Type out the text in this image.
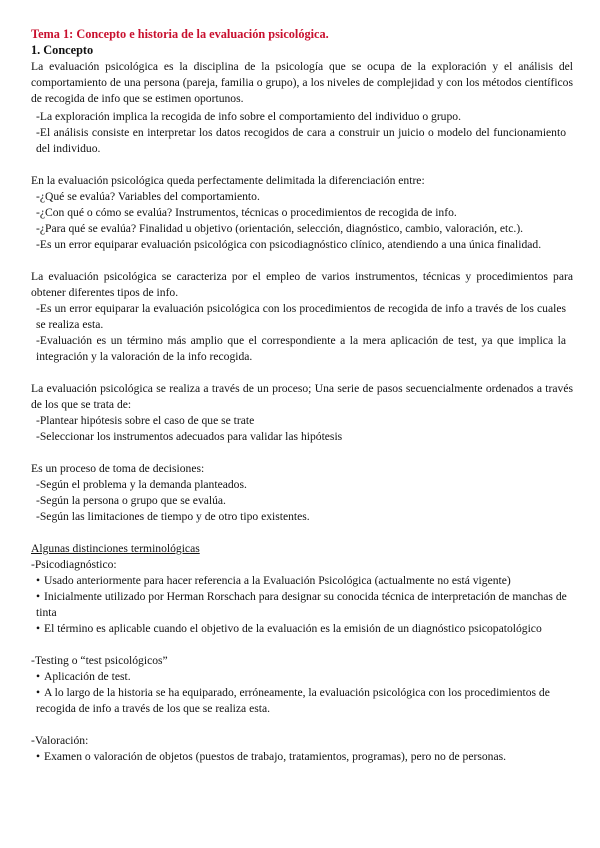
Tema 1: Concepto e historia de la evaluación psicológica.
1. Concepto
La evaluación psicológica es la disciplina de la psicología que se ocupa de la exploración y el análisis del comportamiento de una persona (pareja, familia o grupo), a los niveles de complejidad y con los métodos científicos de recogida de info que se estimen oportunos.
-La exploración implica la recogida de info sobre el comportamiento del individuo o grupo.
-El análisis consiste en interpretar los datos recogidos de cara a construir un juicio o modelo del funcionamiento del individuo.
En la evaluación psicológica queda perfectamente delimitada la diferenciación entre:
-¿Qué se evalúa? Variables del comportamiento.
-¿Con qué o cómo se evalúa? Instrumentos, técnicas o procedimientos de recogida de info.
-¿Para qué se evalúa? Finalidad u objetivo (orientación, selección, diagnóstico, cambio, valoración, etc.).
-Es un error equiparar evaluación psicológica con psicodiagnóstico clínico, atendiendo a una única finalidad.
La evaluación psicológica se caracteriza por el empleo de varios instrumentos, técnicas y procedimientos para obtener diferentes tipos de info.
-Es un error equiparar la evaluación psicológica con los procedimientos de recogida de info a través de los cuales se realiza esta.
-Evaluación es un término más amplio que el correspondiente a la mera aplicación de test, ya que implica la integración y la valoración de la info recogida.
La evaluación psicológica se realiza a través de un proceso; Una serie de pasos secuencialmente ordenados a través de los que se trata de:
-Plantear hipótesis sobre el caso de que se trate
-Seleccionar los instrumentos adecuados para validar las hipótesis
Es un proceso de toma de decisiones:
-Según el problema y la demanda planteados.
-Según la persona o grupo que se evalúa.
-Según las limitaciones de tiempo y de otro tipo existentes.
Algunas distinciones terminológicas
-Psicodiagnóstico:
• Usado anteriormente para hacer referencia a la Evaluación Psicológica (actualmente no está vigente)
• Inicialmente utilizado por Herman Rorschach para designar su conocida técnica de interpretación de manchas de tinta
• El término es aplicable cuando el objetivo de la evaluación es la emisión de un diagnóstico psicopatológico
-Testing o “test psicológicos”
• Aplicación de test.
• A lo largo de la historia se ha equiparado, erróneamente, la evaluación psicológica con los procedimientos de recogida de info a través de los que se realiza esta.
-Valoración:
• Examen o valoración de objetos (puestos de trabajo, tratamientos, programas), pero no de personas.
